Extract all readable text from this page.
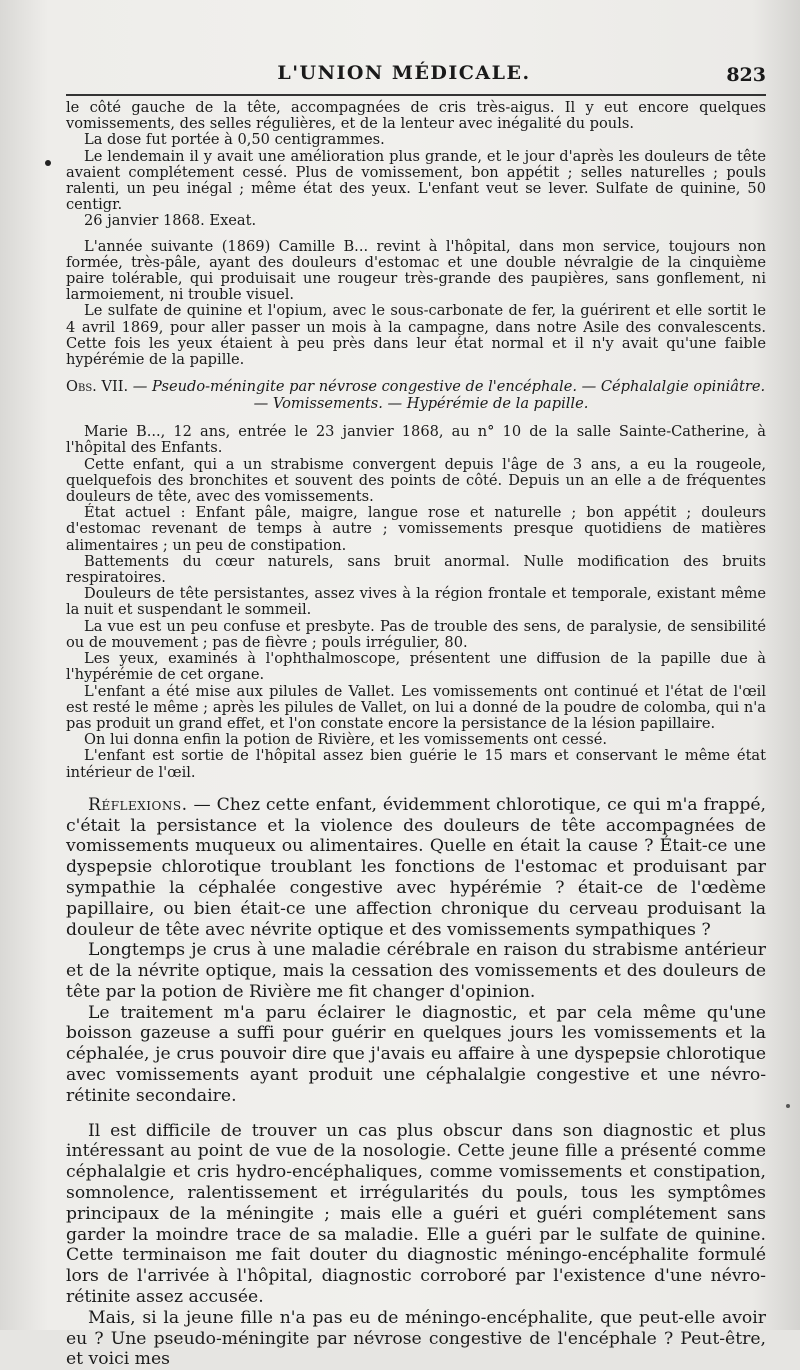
L'UNION MÉDICALE.	823

le côté gauche de la tête, accompagnées de cris très-aigus. Il y eut encore quelques vomissements, des selles régulières, et de la lenteur avec inégalité du pouls.

La dose fut portée à 0,50 centigrammes.

Le lendemain il y avait une amélioration plus grande, et le jour d'après les douleurs de tête avaient complétement cessé. Plus de vomissement, bon appétit ; selles naturelles ; pouls ralenti, un peu inégal ; même état des yeux. L'enfant veut se lever. Sulfate de quinine, 50 centigr.

26 janvier 1868. Exeat.

L'année suivante (1869) Camille B... revint à l'hôpital, dans mon service, toujours non formée, très-pâle, ayant des douleurs d'estomac et une double névralgie de la cinquième paire tolérable, qui produisait une rougeur très-grande des paupières, sans gonflement, ni larmoiement, ni trouble visuel.

Le sulfate de quinine et l'opium, avec le sous-carbonate de fer, la guérirent et elle sortit le 4 avril 1869, pour aller passer un mois à la campagne, dans notre Asile des convalescents. Cette fois les yeux étaient à peu près dans leur état normal et il n'y avait qu'une faible hypérémie de la papille.

Obs. VII. — Pseudo-méningite par névrose congestive de l'encéphale. — Céphalalgie opiniâtre.
— Vomissements. — Hypérémie de la papille.

Marie B..., 12 ans, entrée le 23 janvier 1868, au n° 10 de la salle Sainte-Catherine, à l'hôpital des Enfants.

Cette enfant, qui a un strabisme convergent depuis l'âge de 3 ans, a eu la rougeole, quelquefois des bronchites et souvent des points de côté. Depuis un an elle a de fréquentes douleurs de tête, avec des vomissements.

État actuel : Enfant pâle, maigre, langue rose et naturelle ; bon appétit ; douleurs d'estomac revenant de temps à autre ; vomissements presque quotidiens de matières alimentaires ; un peu de constipation.

Battements du cœur naturels, sans bruit anormal. Nulle modification des bruits respiratoires.

Douleurs de tête persistantes, assez vives à la région frontale et temporale, existant même la nuit et suspendant le sommeil.

La vue est un peu confuse et presbyte. Pas de trouble des sens, de paralysie, de sensibilité ou de mouvement ; pas de fièvre ; pouls irrégulier, 80.

Les yeux, examinés à l'ophthalmoscope, présentent une diffusion de la papille due à l'hypérémie de cet organe.

L'enfant a été mise aux pilules de Vallet. Les vomissements ont continué et l'état de l'œil est resté le même ; après les pilules de Vallet, on lui a donné de la poudre de colomba, qui n'a pas produit un grand effet, et l'on constate encore la persistance de la lésion papillaire.

On lui donna enfin la potion de Rivière, et les vomissements ont cessé.

L'enfant est sortie de l'hôpital assez bien guérie le 15 mars et conservant le même état intérieur de l'œil.

Réflexions. — Chez cette enfant, évidemment chlorotique, ce qui m'a frappé, c'était la persistance et la violence des douleurs de tête accompagnées de vomissements muqueux ou alimentaires. Quelle en était la cause ? Était-ce une dyspepsie chlorotique troublant les fonctions de l'estomac et produisant par sympathie la céphalée congestive avec hypérémie ? était-ce de l'œdème papillaire, ou bien était-ce une affection chronique du cerveau produisant la douleur de tête avec névrite optique et des vomissements sympathiques ?

Longtemps je crus à une maladie cérébrale en raison du strabisme antérieur et de la névrite optique, mais la cessation des vomissements et des douleurs de tête par la potion de Rivière me fit changer d'opinion.

Le traitement m'a paru éclairer le diagnostic, et par cela même qu'une boisson gazeuse a suffi pour guérir en quelques jours les vomissements et la céphalée, je crus pouvoir dire que j'avais eu affaire à une dyspepsie chlorotique avec vomissements ayant produit une céphalalgie congestive et une névro-rétinite secondaire.

Il est difficile de trouver un cas plus obscur dans son diagnostic et plus intéressant au point de vue de la nosologie. Cette jeune fille a présenté comme céphalalgie et cris hydro-encéphaliques, comme vomissements et constipation, somnolence, ralentissement et irrégularités du pouls, tous les symptômes principaux de la méningite ; mais elle a guéri et guéri complétement sans garder la moindre trace de sa maladie. Elle a guéri par le sulfate de quinine. Cette terminaison me fait douter du diagnostic méningo-encéphalite formulé lors de l'arrivée à l'hôpital, diagnostic corroboré par l'existence d'une névro-rétinite assez accusée.

Mais, si la jeune fille n'a pas eu de méningo-encéphalite, que peut-elle avoir eu ? Une pseudo-méningite par névrose congestive de l'encéphale ? Peut-être, et voici mes
